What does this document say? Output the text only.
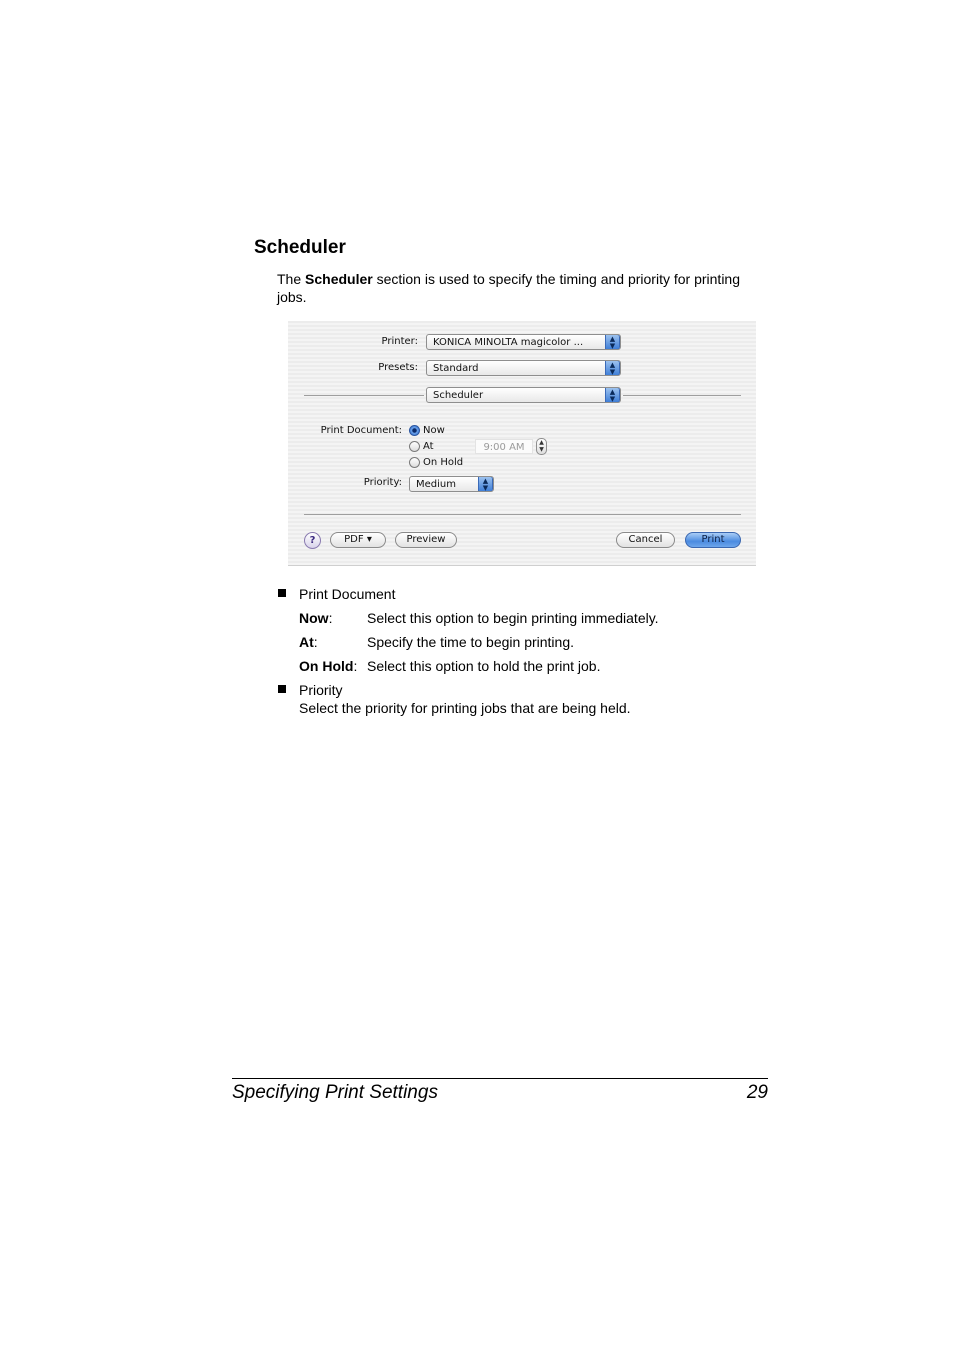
Scheduler
The Scheduler section is used to specify the timing and priority for printing jobs.
Printer:	KONICA MINOLTA magicolor ...	▲
▼
Presets:	Standard	▲
▼
Scheduler	▲
▼
Print Document: Now
At	9:00 AM	▲
▼
On Hold
Priority:	Medium	▲
▼
?	PDF ▾	Preview	Cancel	Print
Print Document
Now: Select this option to begin printing immediately.
At:	Specify the time to begin printing.
On Hold: Select this option to hold the print job.
Priority
Select the priority for printing jobs that are being held.
Specifying Print Settings	29
